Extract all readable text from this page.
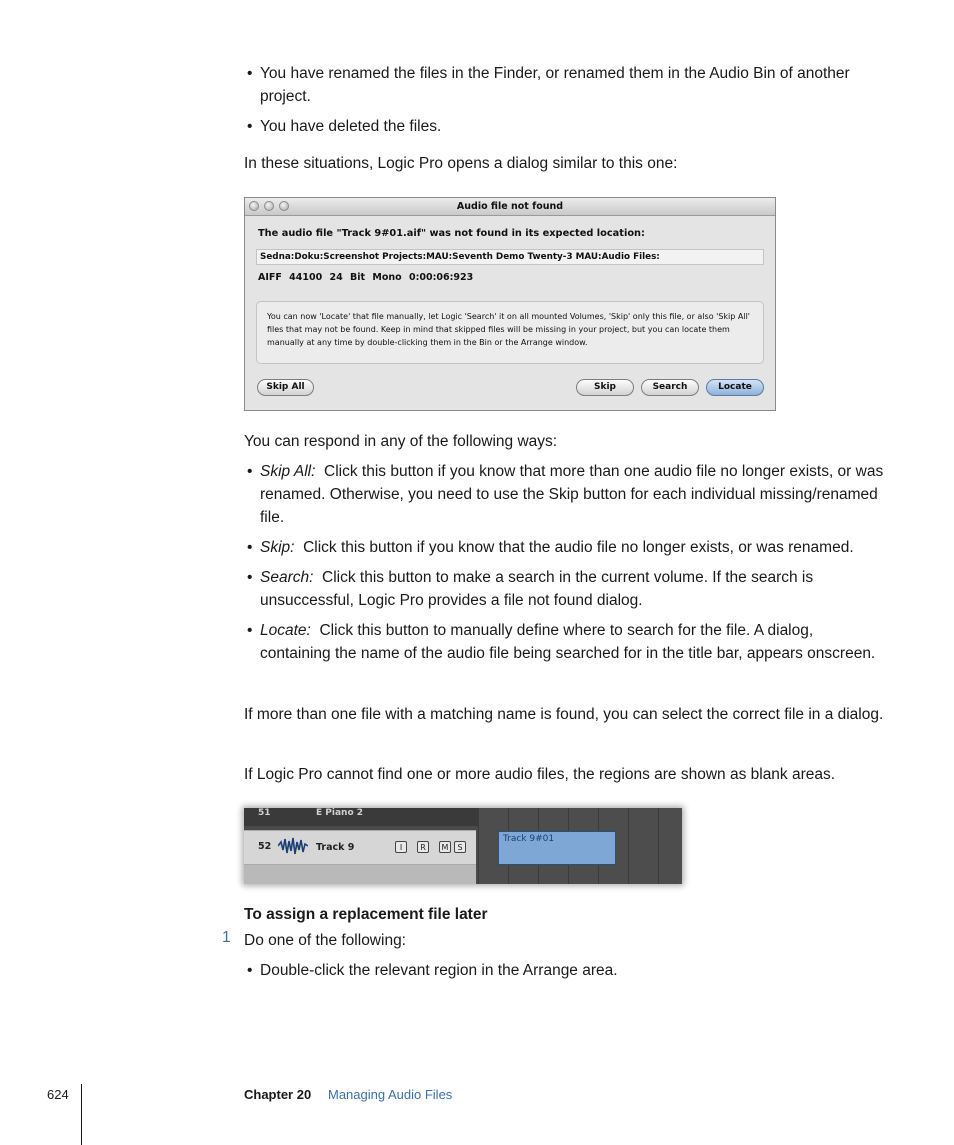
• You have renamed the files in the Finder, or renamed them in the Audio Bin of another project.
• You have deleted the files.

In these situations, Logic Pro opens a dialog similar to this one:

Audio file not found
The audio file "Track 9#01.aif" was not found in its expected location:
Sedna:Doku:Screenshot Projects:MAU:Seventh Demo Twenty-3 MAU:Audio Files:
AIFF 44100 24 Bit Mono 0:00:06:923
You can now 'Locate' that file manually, let Logic 'Search' it on all mounted Volumes, 'Skip' only this file, or also 'Skip All' files that may not be found. Keep in mind that skipped files will be missing in your project, but you can locate them manually at any time by double-clicking them in the Bin or the Arrange window.
Skip All	Skip	Search	Locate

You can respond in any of the following ways:

• Skip All: Click this button if you know that more than one audio file no longer exists, or was renamed. Otherwise, you need to use the Skip button for each individual missing/renamed file.
• Skip: Click this button if you know that the audio file no longer exists, or was renamed.
• Search: Click this button to make a search in the current volume. If the search is unsuccessful, Logic Pro provides a file not found dialog.
• Locate: Click this button to manually define where to search for the file. A dialog, containing the name of the audio file being searched for in the title bar, appears onscreen.

If more than one file with a matching name is found, you can select the correct file in a dialog.

If Logic Pro cannot find one or more audio files, the regions are shown as blank areas.

51	E Piano 2
52	Track 9	I	R	M	S
Track 9#01
To assign a replacement file later
1 Do one of the following:

• Double-click the relevant region in the Arrange area.
624	Chapter 20 Managing Audio Files
